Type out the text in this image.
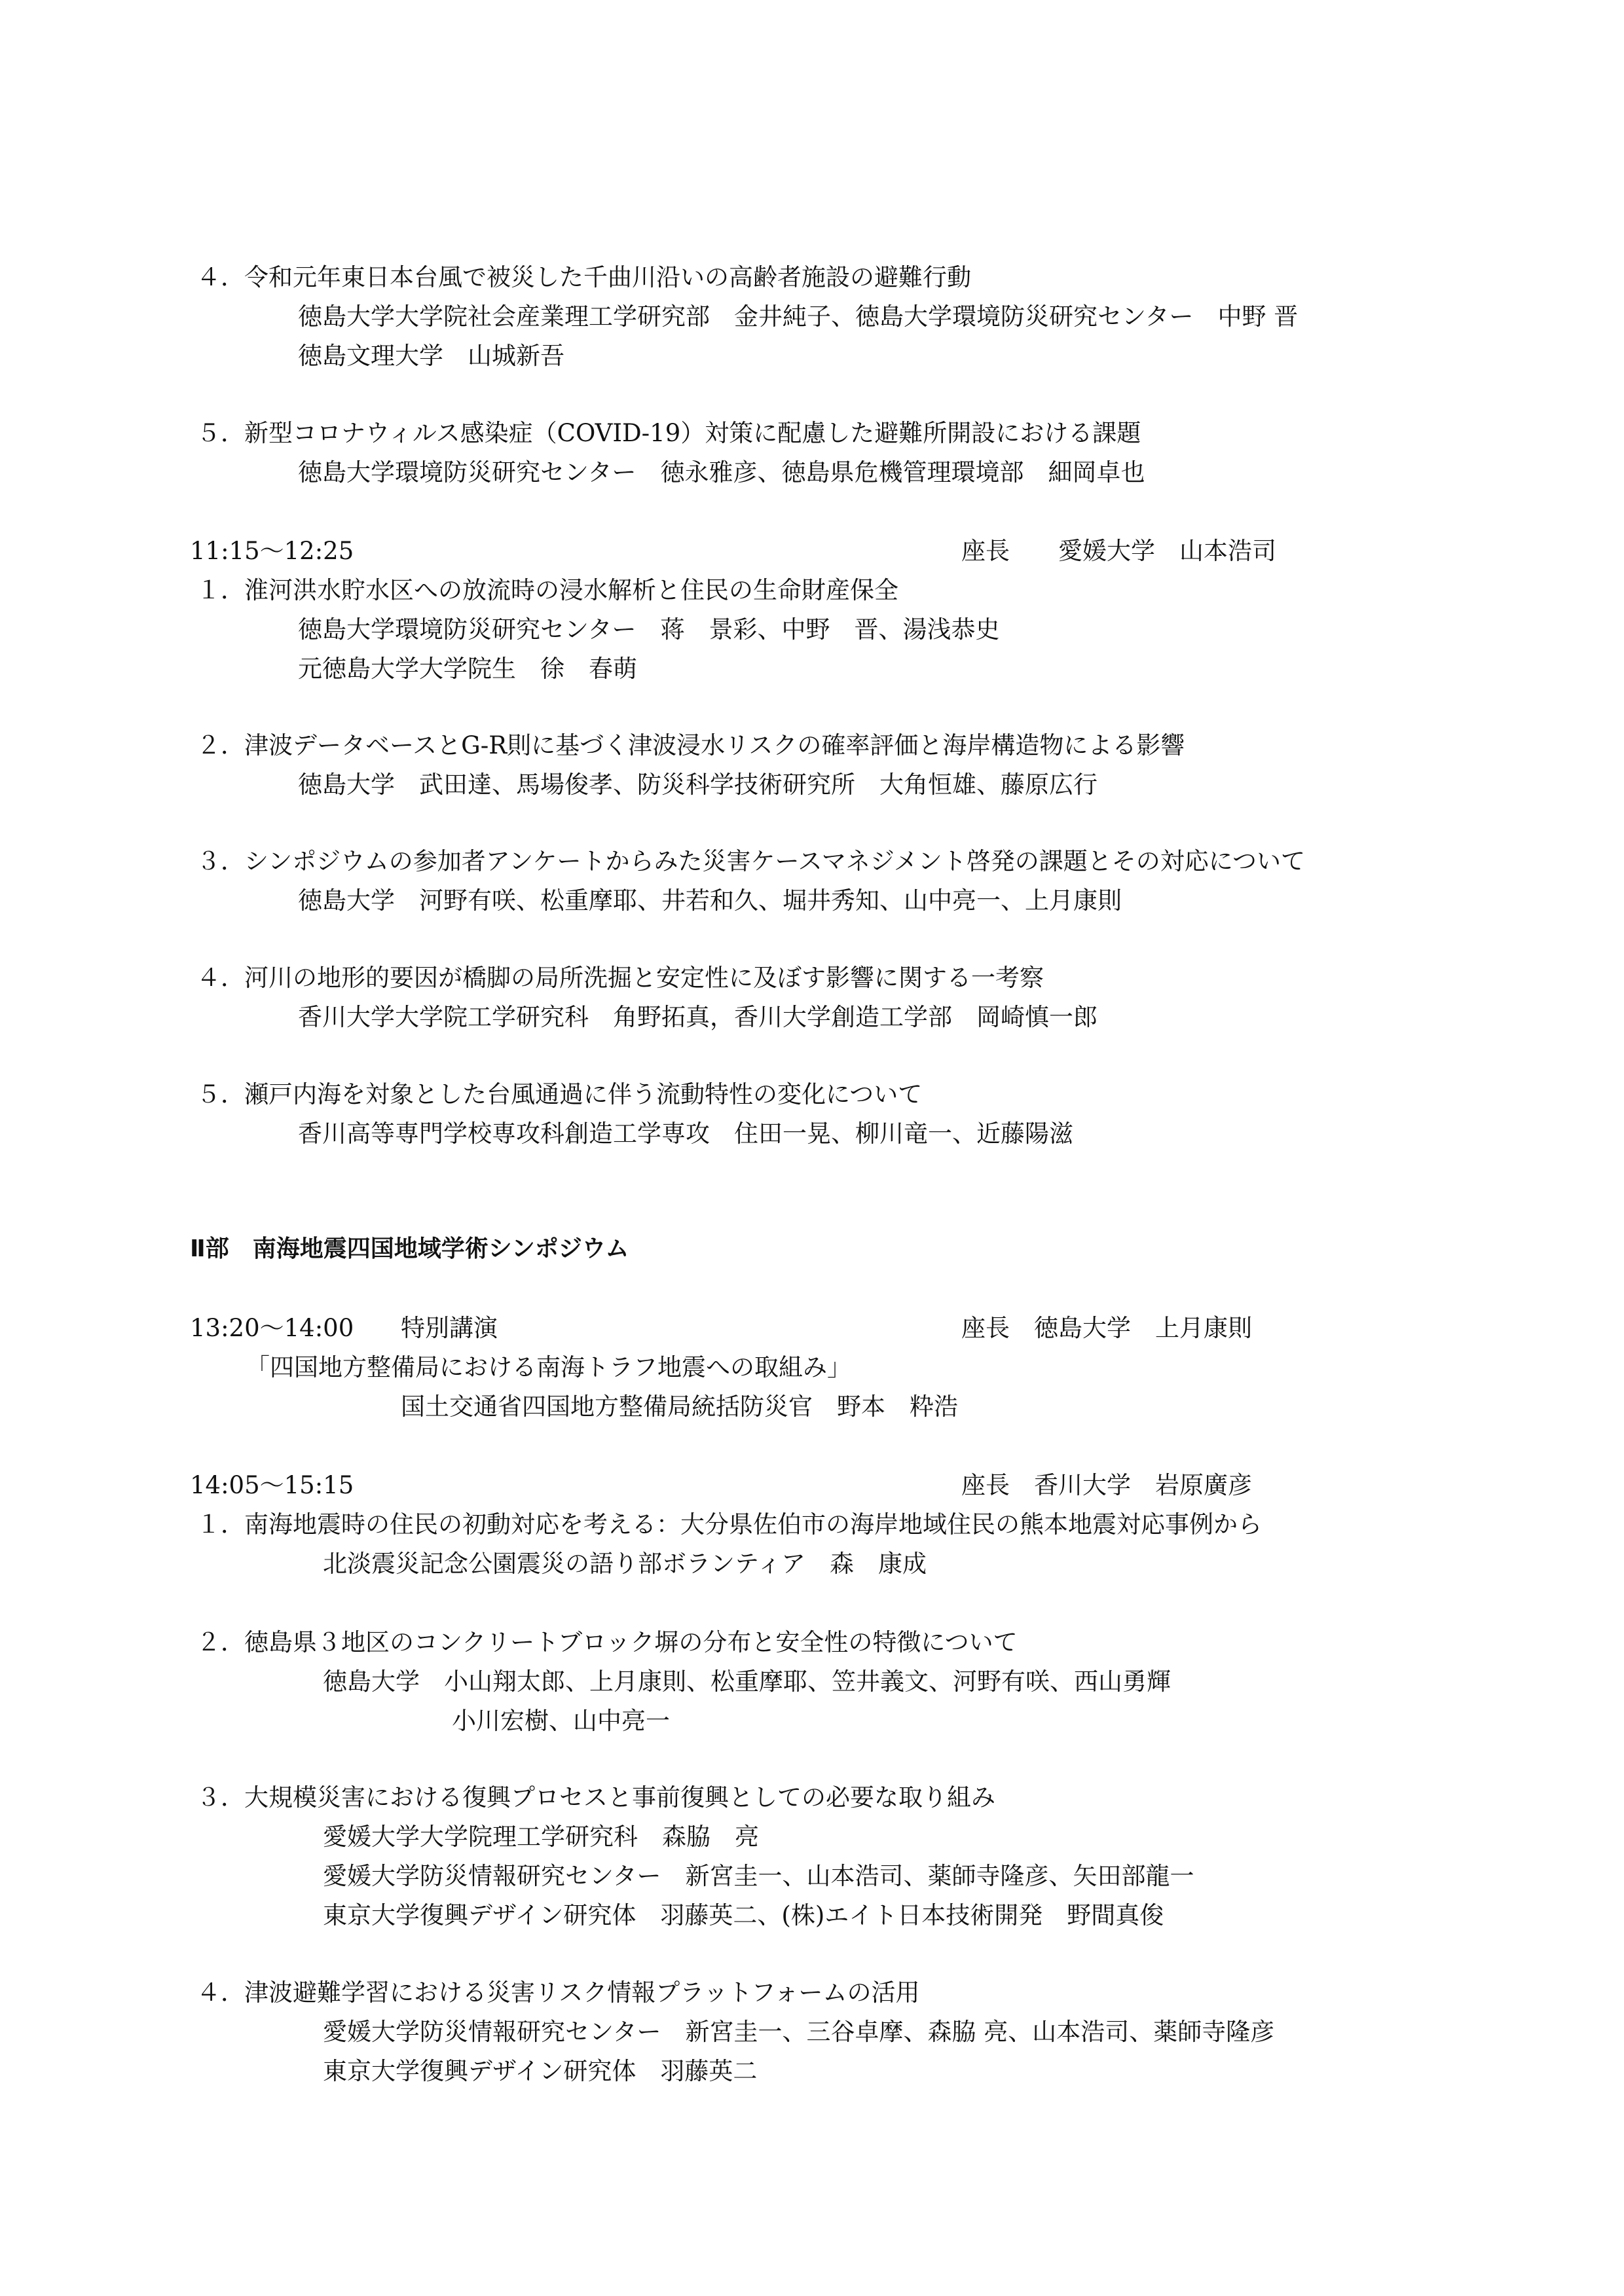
４． 令和元年東日本台風で被災した千曲川沿いの高齢者施設の避難行動
徳島大学大学院社会産業理工学研究部　金井純子、徳島大学環境防災研究センター　中野 晋
徳島文理大学　山城新吾
５． 新型コロナウィルス感染症（COVID‑19）対策に配慮した避難所開設における課題
徳島大学環境防災研究センター　徳永雅彦、徳島県危機管理環境部　細岡卓也
11:15～12:25	座長　　愛媛大学　山本浩司
１． 淮河洪水貯水区への放流時の浸水解析と住民の生命財産保全
徳島大学環境防災研究センター　蒋　景彩、中野　晋、湯浅恭史
元徳島大学大学院生　徐　春萌
２． 津波データベースとG‑R則に基づく津波浸水リスクの確率評価と海岸構造物による影響
徳島大学　武田達、馬場俊孝、防災科学技術研究所　大角恒雄、藤原広行
３． シンポジウムの参加者アンケートからみた災害ケースマネジメント啓発の課題とその対応について
徳島大学　河野有咲、松重摩耶、井若和久、堀井秀知、山中亮一、上月康則
４． 河川の地形的要因が橋脚の局所洗掘と安定性に及ぼす影響に関する一考察
香川大学大学院工学研究科　角野拓真，香川大学創造工学部　岡崎慎一郎
５． 瀬戸内海を対象とした台風通過に伴う流動特性の変化について
香川高等専門学校専攻科創造工学専攻　住田一晃、柳川竜一、近藤陽滋
Ⅱ部　南海地震四国地域学術シンポジウム
13:20～14:00 特別講演	座長　徳島大学　上月康則
「四国地方整備局における南海トラフ地震への取組み」
国土交通省四国地方整備局統括防災官　野本　粋浩
14:05～15:15	座長　香川大学　岩原廣彦
１． 南海地震時の住民の初動対応を考える：大分県佐伯市の海岸地域住民の熊本地震対応事例から
北淡震災記念公園震災の語り部ボランティア　森　康成
２． 徳島県３地区のコンクリートブロック塀の分布と安全性の特徴について
徳島大学　小山翔太郎、上月康則、松重摩耶、笠井義文、河野有咲、西山勇輝
小川宏樹、山中亮一
３． 大規模災害における復興プロセスと事前復興としての必要な取り組み
愛媛大学大学院理工学研究科　森脇　亮
愛媛大学防災情報研究センター　新宮圭一、山本浩司、薬師寺隆彦、矢田部龍一
東京大学復興デザイン研究体　羽藤英二、(株)エイト日本技術開発　野間真俊
４． 津波避難学習における災害リスク情報プラットフォームの活用
愛媛大学防災情報研究センター　新宮圭一、三谷卓摩、森脇 亮、山本浩司、薬師寺隆彦
東京大学復興デザイン研究体　羽藤英二
